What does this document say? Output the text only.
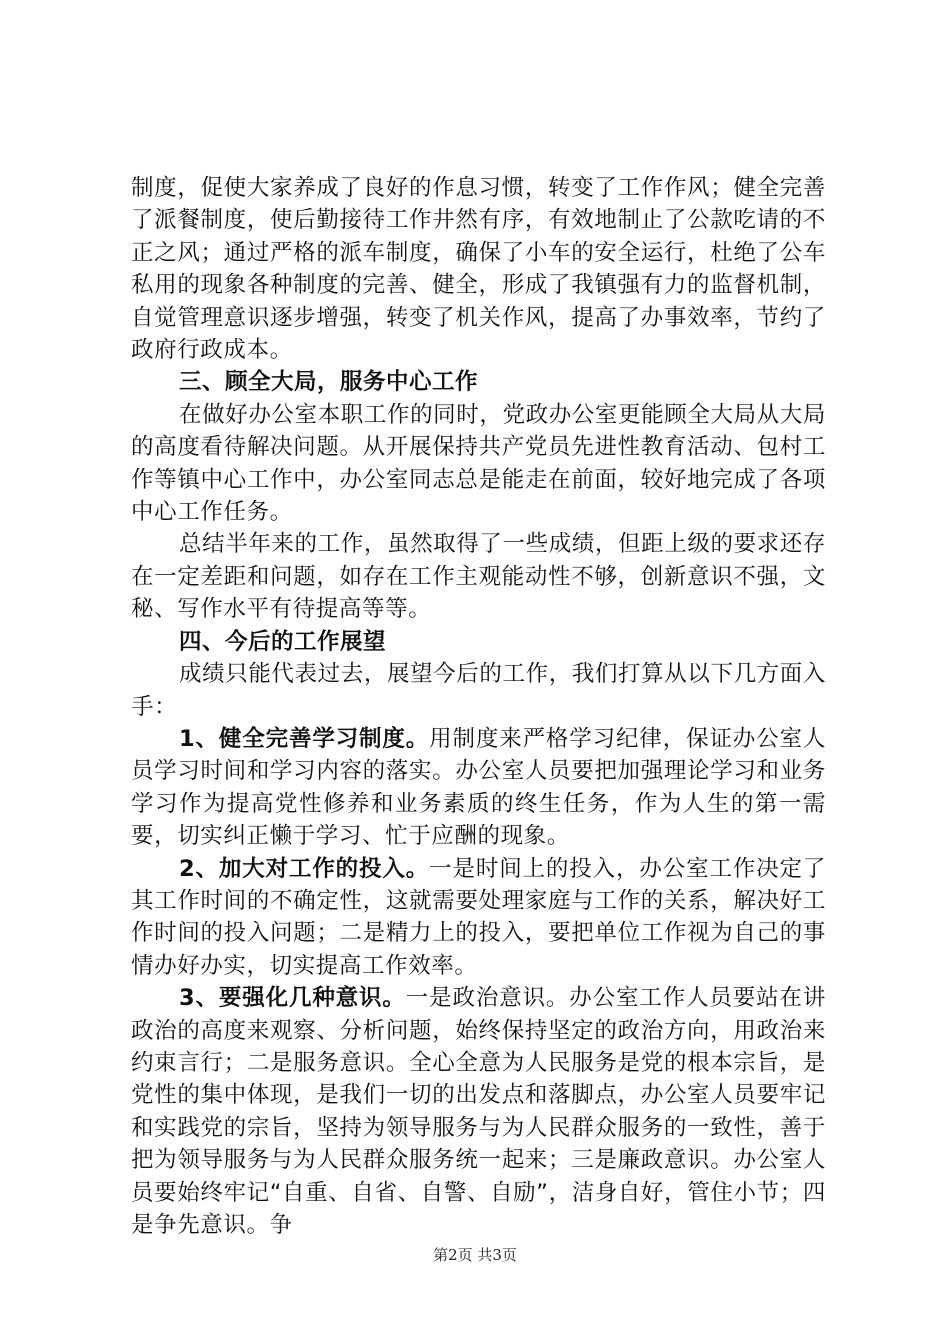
制度，促使大家养成了良好的作息习惯，转变了工作作风；健全完善了派餐制度，使后勤接待工作井然有序，有效地制止了公款吃请的不正之风；通过严格的派车制度，确保了小车的安全运行，杜绝了公车私用的现象各种制度的完善、健全，形成了我镇强有力的监督机制，自觉管理意识逐步增强，转变了机关作风，提高了办事效率，节约了政府行政成本。

三、顾全大局，服务中心工作

在做好办公室本职工作的同时，党政办公室更能顾全大局从大局的高度看待解决问题。从开展保持共产党员先进性教育活动、包村工作等镇中心工作中，办公室同志总是能走在前面，较好地完成了各项中心工作任务。

总结半年来的工作，虽然取得了一些成绩，但距上级的要求还存在一定差距和问题，如存在工作主观能动性不够，创新意识不强，文秘、写作水平有待提高等等。

四、今后的工作展望

成绩只能代表过去，展望今后的工作，我们打算从以下几方面入手：

1、健全完善学习制度。用制度来严格学习纪律，保证办公室人员学习时间和学习内容的落实。办公室人员要把加强理论学习和业务学习作为提高党性修养和业务素质的终生任务，作为人生的第一需要，切实纠正懒于学习、忙于应酬的现象。

2、加大对工作的投入。一是时间上的投入，办公室工作决定了其工作时间的不确定性，这就需要处理家庭与工作的关系，解决好工作时间的投入问题；二是精力上的投入，要把单位工作视为自己的事情办好办实，切实提高工作效率。

3、要强化几种意识。一是政治意识。办公室工作人员要站在讲政治的高度来观察、分析问题，始终保持坚定的政治方向，用政治来约束言行；二是服务意识。全心全意为人民服务是党的根本宗旨，是党性的集中体现，是我们一切的出发点和落脚点，办公室人员要牢记和实践党的宗旨，坚持为领导服务与为人民群众服务的一致性，善于把为领导服务与为人民群众服务统一起来；三是廉政意识。办公室人员要始终牢记“自重、自省、自警、自励”，洁身自好，管住小节；四是争先意识。争

第2页 共3页
